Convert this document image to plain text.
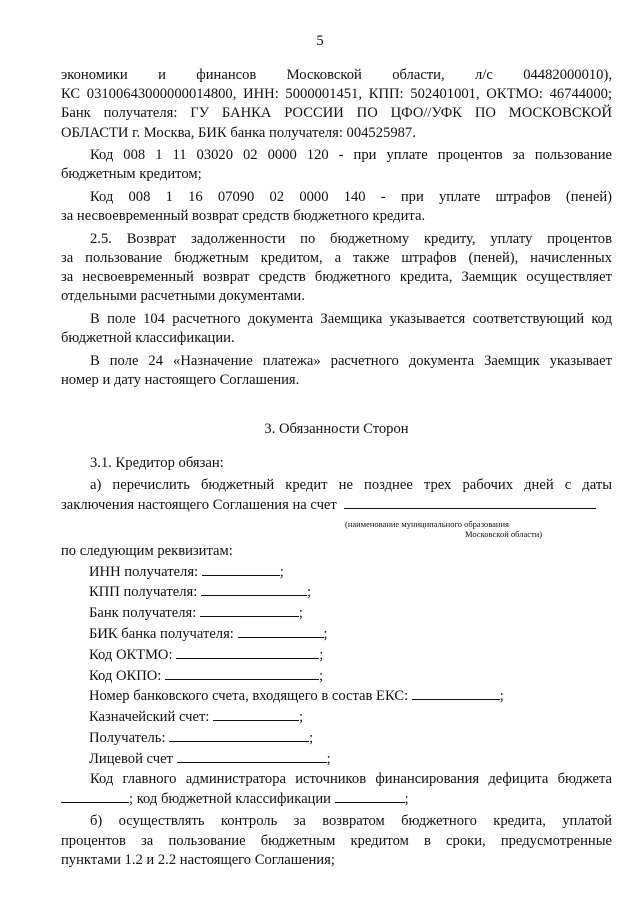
5

экономики и финансов Московской области, л/с 04482000010),

КС 03100643000000014800, ИНН: 5000001451, КПП: 502401001, ОКТМО: 46744000;

Банк получателя: ГУ БАНКА РОССИИ ПО ЦФО//УФК ПО МОСКОВСКОЙ

ОБЛАСТИ г. Москва, БИК банка получателя: 004525987.

Код 008 1 11 03020 02 0000 120 - при уплате процентов за пользование

бюджетным кредитом;

Код 008 1 16 07090 02 0000 140 - при уплате штрафов (пеней)

за несвоевременный возврат средств бюджетного кредита.

2.5. Возврат задолженности по бюджетному кредиту, уплату процентов

за пользование бюджетным кредитом, а также штрафов (пеней), начисленных

за несвоевременный возврат средств бюджетного кредита, Заемщик осуществляет

отдельными расчетными документами.

В поле 104 расчетного документа Заемщика указывается соответствующий код

бюджетной классификации.

В поле 24 «Назначение платежа» расчетного документа Заемщик указывает

номер и дату настоящего Соглашения.

3. Обязанности Сторон

3.1. Кредитор обязан:

а) перечислить бюджетный кредит не позднее трех рабочих дней с даты

заключения настоящего Соглашения на счет

(наименование муниципального образования
Московской области)

по следующим реквизитам:

ИНН получателя:	;

КПП получателя:	;

Банк получателя:	;

БИК банка получателя:	;

Код ОКТМО:	;

Код ОКПО:	;

Номер банковского счета, входящего в состав ЕКС:	;

Казначейский счет:	;

Получатель:	;

Лицевой счет	;

Код главного администратора источников финансирования дефицита бюджета

; код бюджетной классификации	;

б) осуществлять контроль за возвратом бюджетного кредита, уплатой

процентов за пользование бюджетным кредитом в сроки, предусмотренные

пунктами 1.2 и 2.2 настоящего Соглашения;
